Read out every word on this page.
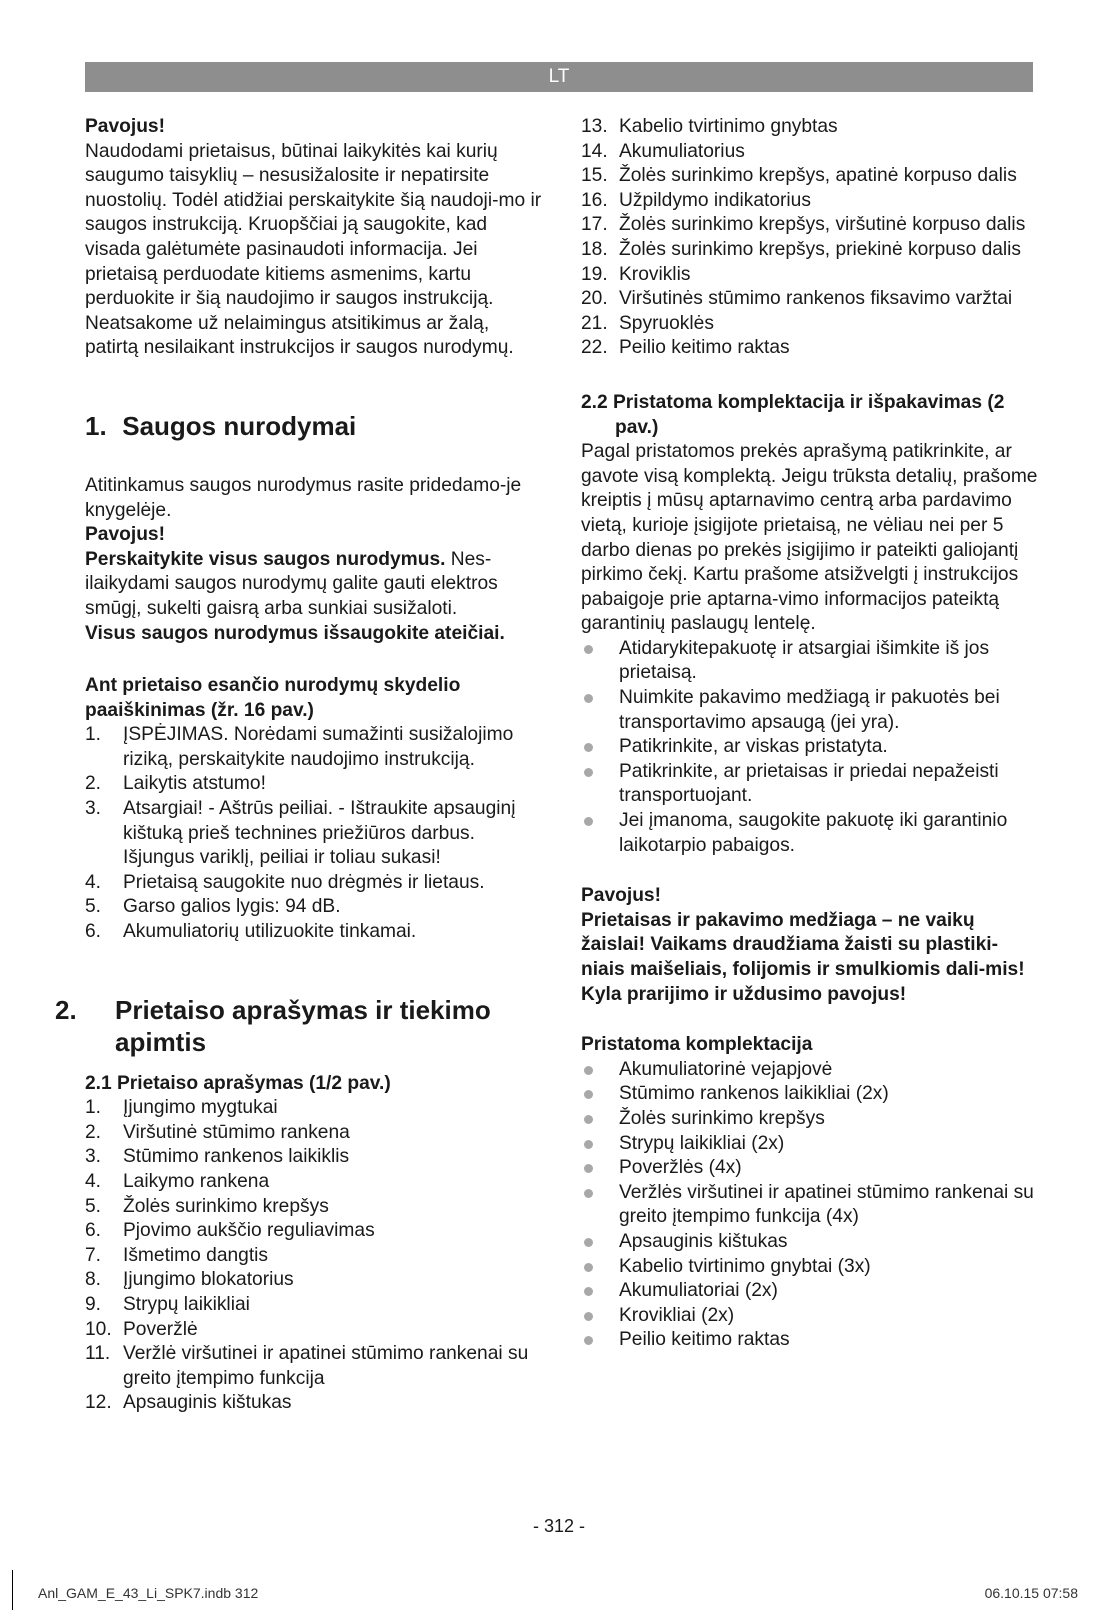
LT

Pavojus!

Naudodami prietaisus, būtinai laikykitės kai kurių saugumo taisyklių – nesusižalosite ir nepatirsite nuostolių. Todėl atidžiai perskaitykite šią naudoji-mo ir saugos instrukciją. Kruopščiai ją saugokite, kad visada galėtumėte pasinaudoti informacija. Jei prietaisą perduodate kitiems asmenims, kartu perduokite ir šią naudojimo ir saugos instrukciją. Neatsakome už nelaimingus atsitikimus ar žalą, patirtą nesilaikant instrukcijos ir saugos nurodymų.

1. Saugos nurodymai

Atitinkamus saugos nurodymus rasite pridedamo-je knygelėje.

Pavojus!

Perskaitykite visus saugos nurodymus. Nes-ilaikydami saugos nurodymų galite gauti elektros smūgį, sukelti gaisrą arba sunkiai susižaloti.

Visus saugos nurodymus išsaugokite ateičiai.

Ant prietaiso esančio nurodymų skydelio paaiškinimas (žr. 16 pav.)
1. ĮSPĖJIMAS. Norėdami sumažinti susižalojimo riziką, perskaitykite naudojimo instrukciją.
2. Laikytis atstumo!
3. Atsargiai! - Aštrūs peiliai. - Ištraukite apsauginį kištuką prieš technines priežiūros darbus. Išjungus variklį, peiliai ir toliau sukasi!
4. Prietaisą saugokite nuo drėgmės ir lietaus.
5. Garso galios lygis: 94 dB.
6. Akumuliatorių utilizuokite tinkamai.
2. Prietaiso aprašymas ir tiekimo apimtis
2.1 Prietaiso aprašymas (1/2 pav.)
1. Įjungimo mygtukai
2. Viršutinė stūmimo rankena
3. Stūmimo rankenos laikiklis
4. Laikymo rankena
5. Žolės surinkimo krepšys
6. Pjovimo aukščio reguliavimas
7. Išmetimo dangtis
8. Įjungimo blokatorius
9. Strypų laikikliai
10. Poveržlė
11. Veržlė viršutinei ir apatinei stūmimo rankenai su greito įtempimo funkcija
12. Apsauginis kištukas
13. Kabelio tvirtinimo gnybtas
14. Akumuliatorius
15. Žolės surinkimo krepšys, apatinė korpuso dalis
16. Užpildymo indikatorius
17. Žolės surinkimo krepšys, viršutinė korpuso dalis
18. Žolės surinkimo krepšys, priekinė korpuso dalis
19. Kroviklis
20. Viršutinės stūmimo rankenos fiksavimo varžtai
21. Spyruoklės
22. Peilio keitimo raktas
2.2 Pristatoma komplektacija ir išpakavimas (2 pav.)

Pagal pristatomos prekės aprašymą patikrinkite, ar gavote visą komplektą. Jeigu trūksta detalių, prašome kreiptis į mūsų aptarnavimo centrą arba pardavimo vietą, kurioje įsigijote prietaisą, ne vėliau nei per 5 darbo dienas po prekės įsigijimo ir pateikti galiojantį pirkimo čekį. Kartu prašome atsižvelgti į instrukcijos pabaigoje prie aptarna-vimo informacijos pateiktą garantinių paslaugų lentelę.

Atidarykitepakuotę ir atsargiai išimkite iš jos prietaisą.
Nuimkite pakavimo medžiagą ir pakuotės bei transportavimo apsaugą (jei yra).
Patikrinkite, ar viskas pristatyta.
Patikrinkite, ar prietaisas ir priedai nepažeisti transportuojant.
Jei įmanoma, saugokite pakuotę iki garantinio laikotarpio pabaigos.

Pavojus!

Prietaisas ir pakavimo medžiaga – ne vaikų žaislai! Vaikams draudžiama žaisti su plastiki-niais maišeliais, folijomis ir smulkiomis dali-mis! Kyla prarijimo ir uždusimo pavojus!

Pristatoma komplektacija
Akumuliatorinė vejapjovė
Stūmimo rankenos laikikliai (2x)
Žolės surinkimo krepšys
Strypų laikikliai (2x)
Poveržlės (4x)
Veržlės viršutinei ir apatinei stūmimo rankenai su greito įtempimo funkcija (4x)
Apsauginis kištukas
Kabelio tvirtinimo gnybtai (3x)
Akumuliatoriai (2x)
Krovikliai (2x)
Peilio keitimo raktas
- 312 -
Anl_GAM_E_43_Li_SPK7.indb 312	06.10.15 07:58
